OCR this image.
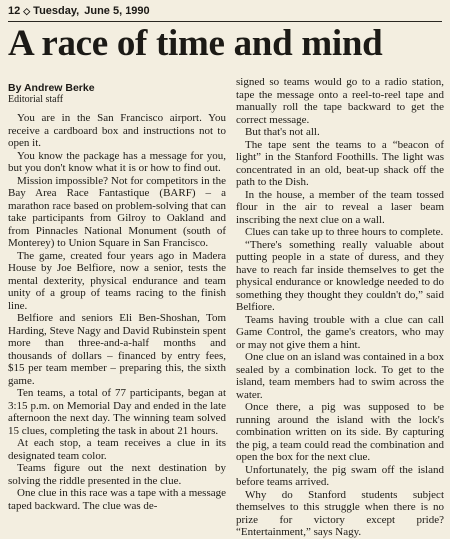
12 ◇ Tuesday, June 5, 1990
A race of time and mind
By Andrew Berke
Editorial staff

You are in the San Francisco airport. You receive a cardboard box and instructions not to open it.

You know the package has a message for you, but you don't know what it is or how to find out.

Mission impossible? Not for competitors in the Bay Area Race Fantastique (BARF) – a marathon race based on problem-solving that can take participants from Gilroy to Oakland and from Pinnacles National Monument (south of Monterey) to Union Square in San Francisco.

The game, created four years ago in Madera House by Joe Belfiore, now a senior, tests the mental dexterity, physical endurance and team unity of a group of teams racing to the finish line.

Belfiore and seniors Eli Ben-Shoshan, Tom Harding, Steve Nagy and David Rubinstein spent more than three-and-a-half months and thousands of dollars – financed by entry fees, $15 per team member – preparing this, the sixth game.

Ten teams, a total of 77 participants, began at 3:15 p.m. on Memorial Day and ended in the late afternoon the next day. The winning team solved 15 clues, completing the task in about 21 hours.

At each stop, a team receives a clue in its designated team color.

Teams figure out the next destination by solving the riddle presented in the clue.

One clue in this race was a tape with a message taped backward. The clue was de-

signed so teams would go to a radio station, tape the message onto a reel-to-reel tape and manually roll the tape backward to get the correct message.

But that's not all.

The tape sent the teams to a “beacon of light” in the Stanford Foothills. The light was concentrated in an old, beat-up shack off the path to the Dish.

In the house, a member of the team tossed flour in the air to reveal a laser beam inscribing the next clue on a wall.

Clues can take up to three hours to complete.

“There's something really valuable about putting people in a state of duress, and they have to reach far inside themselves to get the physical endurance or knowledge needed to do something they thought they couldn't do,” said Belfiore.

Teams having trouble with a clue can call Game Control, the game's creators, who may or may not give them a hint.

One clue on an island was contained in a box sealed by a combination lock. To get to the island, team members had to swim across the water.

Once there, a pig was supposed to be running around the island with the lock's combination written on its side. By capturing the pig, a team could read the combination and open the box for the next clue.

Unfortunately, the pig swam off the island before teams arrived.

Why do Stanford students subject themselves to this struggle when there is no prize for victory except pride? “Entertainment,” says Nagy.
